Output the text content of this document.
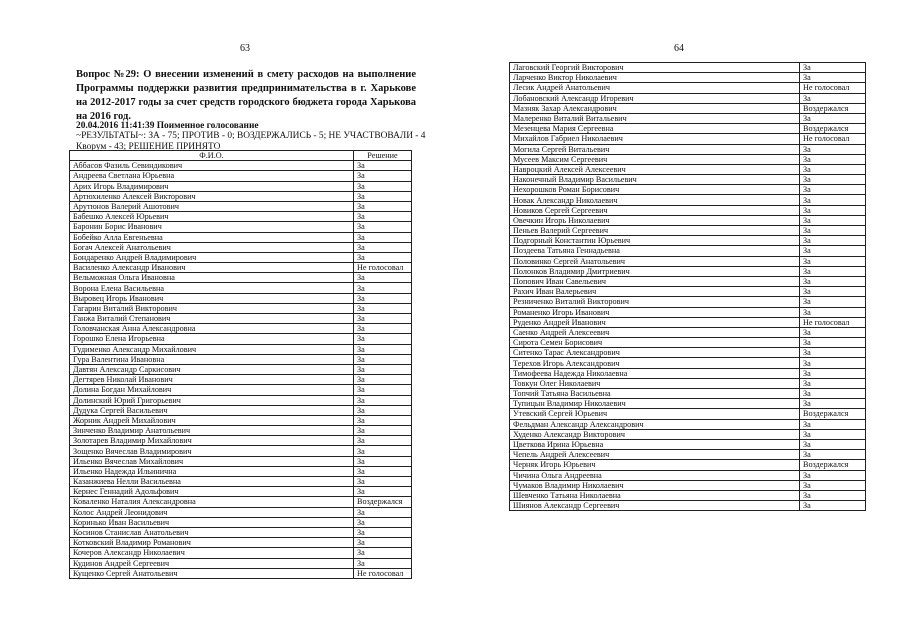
63
Вопрос №29: О внесении изменений в смету расходов на выполнение Программы поддержки развития предпринимательства в г. Харькове на 2012-2017 годы за счет средств городского бюджета города Харькова на 2016 год.
20.04.2016 11:41:39 Поименное голосование
~РЕЗУЛЬТАТЫ~: ЗА - 75; ПРОТИВ - 0; ВОЗДЕРЖАЛИСЬ - 5; НЕ УЧАСТВОВАЛИ - 4
Кворум - 43; РЕШЕНИЕ ПРИНЯТО
Ф.И.О.	Решение
Аббасов Фазиль Севиндикович	За
Андреева Светлана Юрьевна	За
Арих Игорь Владимирович	За
Артюхиленко Алексей Викторович	За
Арутюнов Валерий Ашотович	За
Бабешко Алексей Юрьевич	За
Баронин Борис Иванович	За
Бобейко Алла Евгеньевна	За
Богач Алексей Анатольевич	За
Бондаренко Андрей Владимирович	За
Василенко Александр Иванович	Не голосовал
Вельможная Ольга Ивановна	За
Ворона Елена Васильевна	За
Выровец Игорь Иванович	За
Гагарин Виталий Викторович	За
Ганжа Виталий Степанович	За
Головчанская Анна Александровна	За
Горошко Елена Игорьевна	За
Гудименко Александр Михайлович	За
Гура Валентина Ивановна	За
Давтян Александр Саркисович	За
Дегтярев Николай Иванович	За
Долина Богдан Михайлович	За
Долинский Юрий Григорьевич	За
Дудука Сергей Васильевич	За
Жорник Андрей Михайлович	За
Зинченко Владимир Анатольевич	За
Золотарев Владимир Михайлович	За
Зощенко Вячеслав Владимирович	За
Ильенко Вячеслав Михайлович	За
Ильенко Надежда Ильинична	За
Казанжиева Нелли Васильевна	За
Кернес Геннадий Адольфович	За
Коваленко Наталия Александровна	Воздержался
Колос Андрей Леонидович	За
Коринько Иван Васильевич	За
Косинов Станислав Анатольевич	За
Котковский Владимир Романович	За
Кочеров Александр Николаевич	За
Кудинов Андрей Сергеевич	За
Кущенко Сергей Анатольевич	Не голосовал
64
Лаговский Георгий Викторович	За
Ларченко Виктор Николаевич	За
Лесик Андрей Анатольевич	Не голосовал
Лобановский Александр Игоревич	За
Мазняк Захар Александрович	Воздержался
Малеренко Виталий Витальевич	За
Мезенцева Мария Сергеевна	Воздержался
Михайлов Габриел Николаевич	Не голосовал
Могила Сергей Витальевич	За
Мусеев Максим Сергеевич	За
Навроцкий Алексей Алексеевич	За
Наконечный Владимир Васильевич	За
Нехорошков Роман Борисович	За
Новак Александр Николаевич	За
Новиков Сергей Сергеевич	За
Овечкин Игорь Николаевич	За
Пеньев Валерий Сергеевич	За
Подгорный Константин Юрьевич	За
Поздеева Татьяна Геннадьевна	За
Половинко Сергей Анатольевич	За
Полонков Владимир Дмитриевич	За
Попович Иван Савельевич	За
Рахич Иван Валерьевич	За
Резниченко Виталий Викторович	За
Романенко Игорь Иванович	За
Руденко Андрей Иванович	Не голосовал
Саенко Андрей Алексеевич	За
Сирота Семен Борисович	За
Ситенко Тарас Александрович	За
Терехов Игорь Александрович	За
Тимофеева Надежда Николаевна	За
Товкун Олег Николаевич	За
Топчий Татьяна Васильевна	За
Тупицын Владимир Николаевич	За
Утевский Сергей Юрьевич	Воздержался
Фельдман Александр Александрович	За
Худенко Александр Викторович	За
Цветкова Ирина Юрьевна	За
Чепель Андрей Алексеевич	За
Черняк Игорь Юрьевич	Воздержался
Чичина Ольга Андреевна	За
Чумаков Владимир Николаевич	За
Шевченко Татьяна Николаевна	За
Шиянов Александр Сергеевич	За
